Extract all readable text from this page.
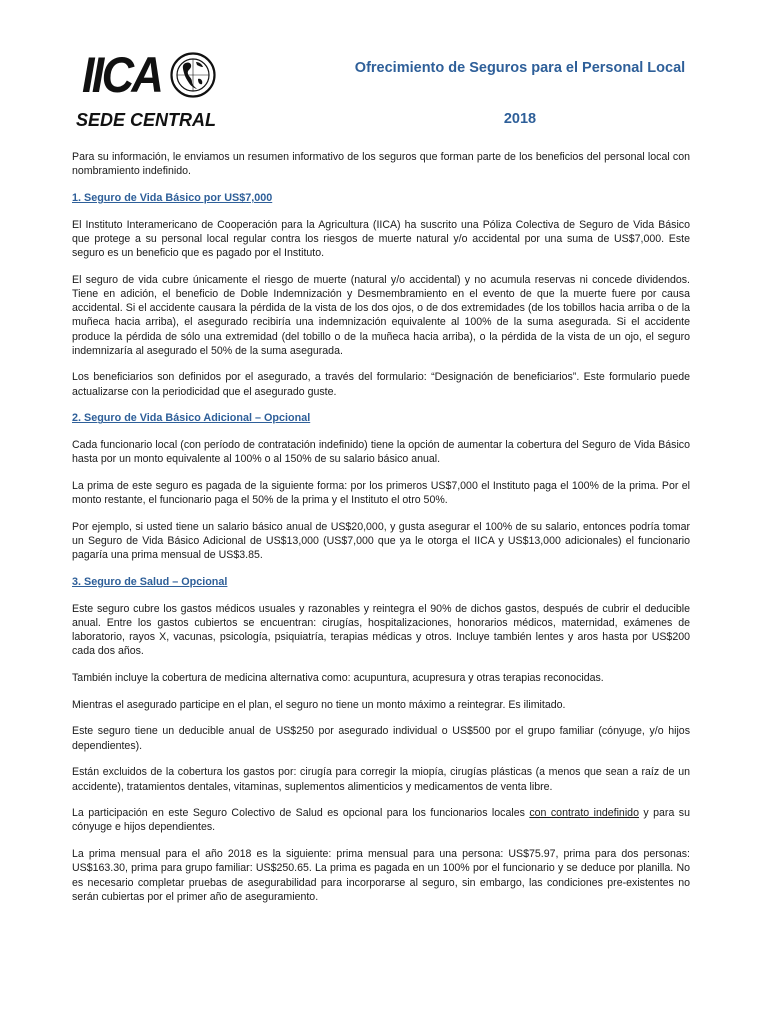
IICA
SEDE CENTRAL
Ofrecimiento de Seguros para el Personal Local
2018

Para su información, le enviamos un resumen informativo de los seguros que forman parte de los beneficios del personal local con nombramiento indefinido.

1. Seguro de Vida Básico por US$7,000

El Instituto Interamericano de Cooperación para la Agricultura (IICA) ha suscrito una Póliza Colectiva de Seguro de Vida Básico que protege a su personal local regular contra los riesgos de muerte natural y/o accidental por una suma de US$7,000. Este seguro es un beneficio que es pagado por el Instituto.

El seguro de vida cubre únicamente el riesgo de muerte (natural y/o accidental) y no acumula reservas ni concede dividendos. Tiene en adición, el beneficio de Doble Indemnización y Desmembramiento en el evento de que la muerte fuere por causa accidental. Si el accidente causara la pérdida de la vista de los dos ojos, o de dos extremidades (de los tobillos hacia arriba o de la muñeca hacia arriba), el asegurado recibiría una indemnización equivalente al 100% de la suma asegurada. Si el accidente produce la pérdida de sólo una extremidad (del tobillo o de la muñeca hacia arriba), o la pérdida de la vista de un ojo, el seguro indemnizaría al asegurado el 50% de la suma asegurada.

Los beneficiarios son definidos por el asegurado, a través del formulario: “Designación de beneficiarios”. Este formulario puede actualizarse con la periodicidad que el asegurado guste.

2. Seguro de Vida Básico Adicional – Opcional

Cada funcionario local (con período de contratación indefinido) tiene la opción de aumentar la cobertura del Seguro de Vida Básico hasta por un monto equivalente al 100% o al 150% de su salario básico anual.

La prima de este seguro es pagada de la siguiente forma: por los primeros US$7,000 el Instituto paga el 100% de la prima. Por el monto restante, el funcionario paga el 50% de la prima y el Instituto el otro 50%.

Por ejemplo, si usted tiene un salario básico anual de US$20,000, y gusta asegurar el 100% de su salario, entonces podría tomar un Seguro de Vida Básico Adicional de US$13,000 (US$7,000 que ya le otorga el IICA y US$13,000 adicionales) el funcionario pagaría una prima mensual de US$3.85.

3. Seguro de Salud – Opcional

Este seguro cubre los gastos médicos usuales y razonables y reintegra el 90% de dichos gastos, después de cubrir el deducible anual. Entre los gastos cubiertos se encuentran: cirugías, hospitalizaciones, honorarios médicos, maternidad, exámenes de laboratorio, rayos X, vacunas, psicología, psiquiatría, terapias médicas y otros. Incluye también lentes y aros hasta por US$200 cada dos años.

También incluye la cobertura de medicina alternativa como: acupuntura, acupresura y otras terapias reconocidas.

Mientras el asegurado participe en el plan, el seguro no tiene un monto máximo a reintegrar. Es ilimitado.

Este seguro tiene un deducible anual de US$250 por asegurado individual o US$500 por el grupo familiar (cónyuge, y/o hijos dependientes).

Están excluidos de la cobertura los gastos por: cirugía para corregir la miopía, cirugías plásticas (a menos que sean a raíz de un accidente), tratamientos dentales, vitaminas, suplementos alimenticios y medicamentos de venta libre.

La participación en este Seguro Colectivo de Salud es opcional para los funcionarios locales con contrato indefinido y para su cónyuge e hijos dependientes.

La prima mensual para el año 2018 es la siguiente: prima mensual para una persona: US$75.97, prima para dos personas: US$163.30, prima para grupo familiar: US$250.65. La prima es pagada en un 100% por el funcionario y se deduce por planilla. No es necesario completar pruebas de asegurabilidad para incorporarse al seguro, sin embargo, las condiciones pre-existentes no serán cubiertas por el primer año de aseguramiento.
